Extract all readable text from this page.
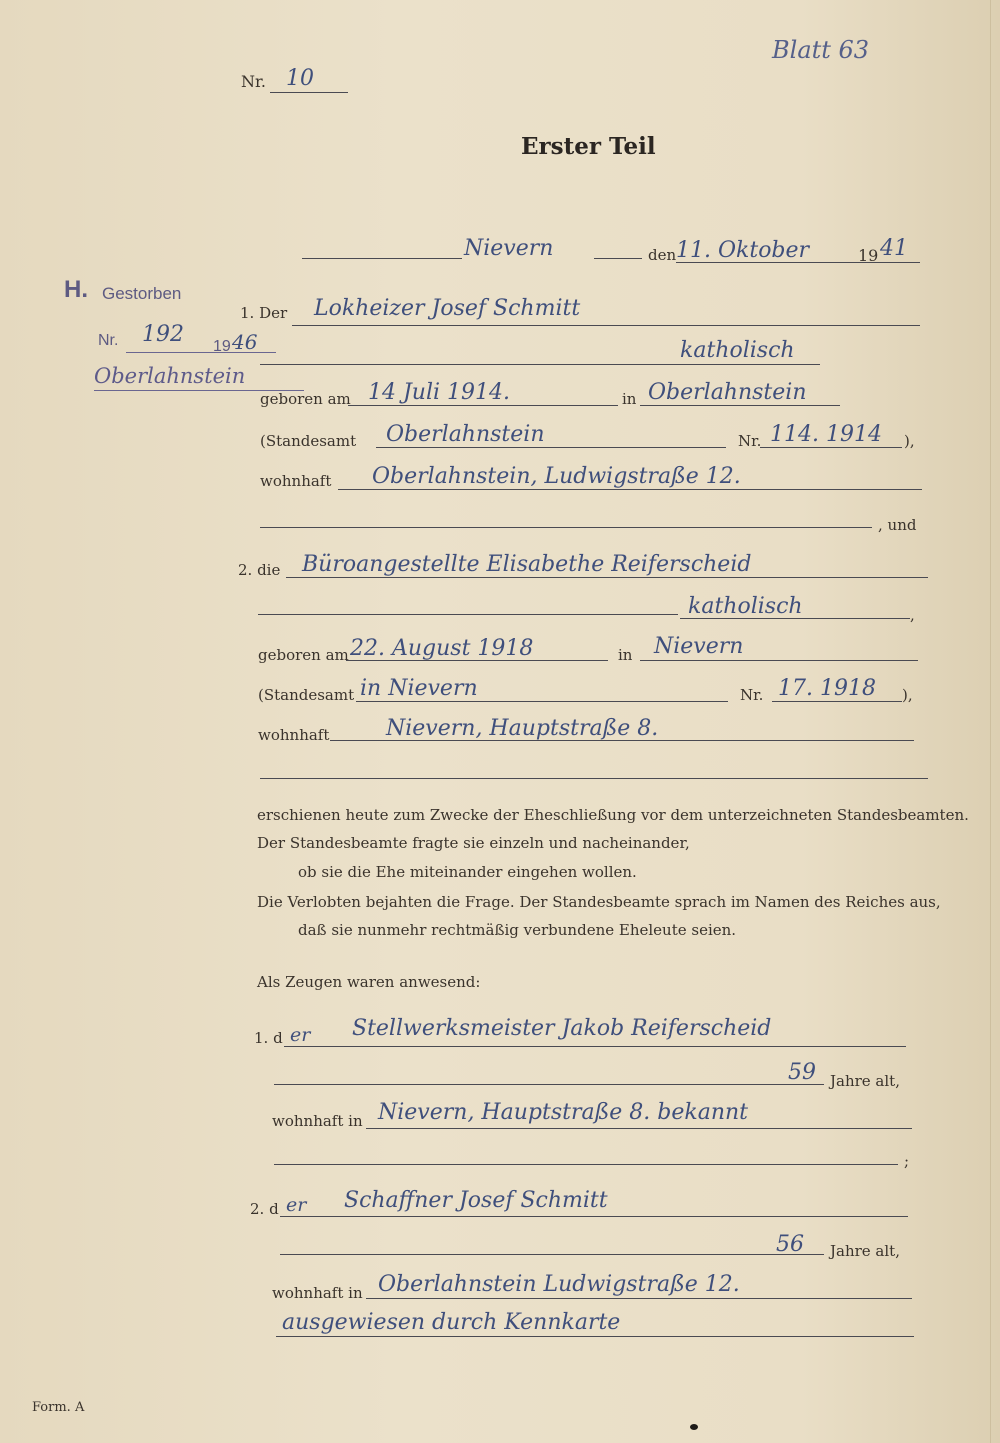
Blatt 63
Nr. 10
Erster Teil
Nievern	den 11. Oktober	19 41
H. Gestorben
Nr. 192 19 46
Oberlahnstein
1. Der Lokheizer Josef Schmitt
katholisch
geboren am 14 Juli 1914.	in Oberlahnstein
(Standesamt Oberlahnstein	Nr. 114. 1914 ),
wohnhaft Oberlahnstein, Ludwigstraße 12.
, und
2. die Büroangestellte Elisabethe Reiferscheid
katholisch	,
geboren am 22. August 1918	in Nievern
(Standesamt in Nievern	Nr. 17. 1918 ),
wohnhaft	Nievern, Hauptstraße 8.
erschienen heute zum Zwecke der Eheschließung vor dem unterzeichneten Standesbeamten.
Der Standesbeamte fragte sie einzeln und nacheinander,
ob sie die Ehe miteinander eingehen wollen.
Die Verlobten bejahten die Frage. Der Standesbeamte sprach im Namen des Reiches aus,
daß sie nunmehr rechtmäßig verbundene Eheleute seien.
Als Zeugen waren anwesend:
1. d er Stellwerksmeister Jakob Reiferscheid
59 Jahre alt,
wohnhaft in Nievern, Hauptstraße 8. bekannt
;
2. d er Schaffner Josef Schmitt
56 Jahre alt,
wohnhaft in Oberlahnstein Ludwigstraße 12.
ausgewiesen durch Kennkarte
Form. A
